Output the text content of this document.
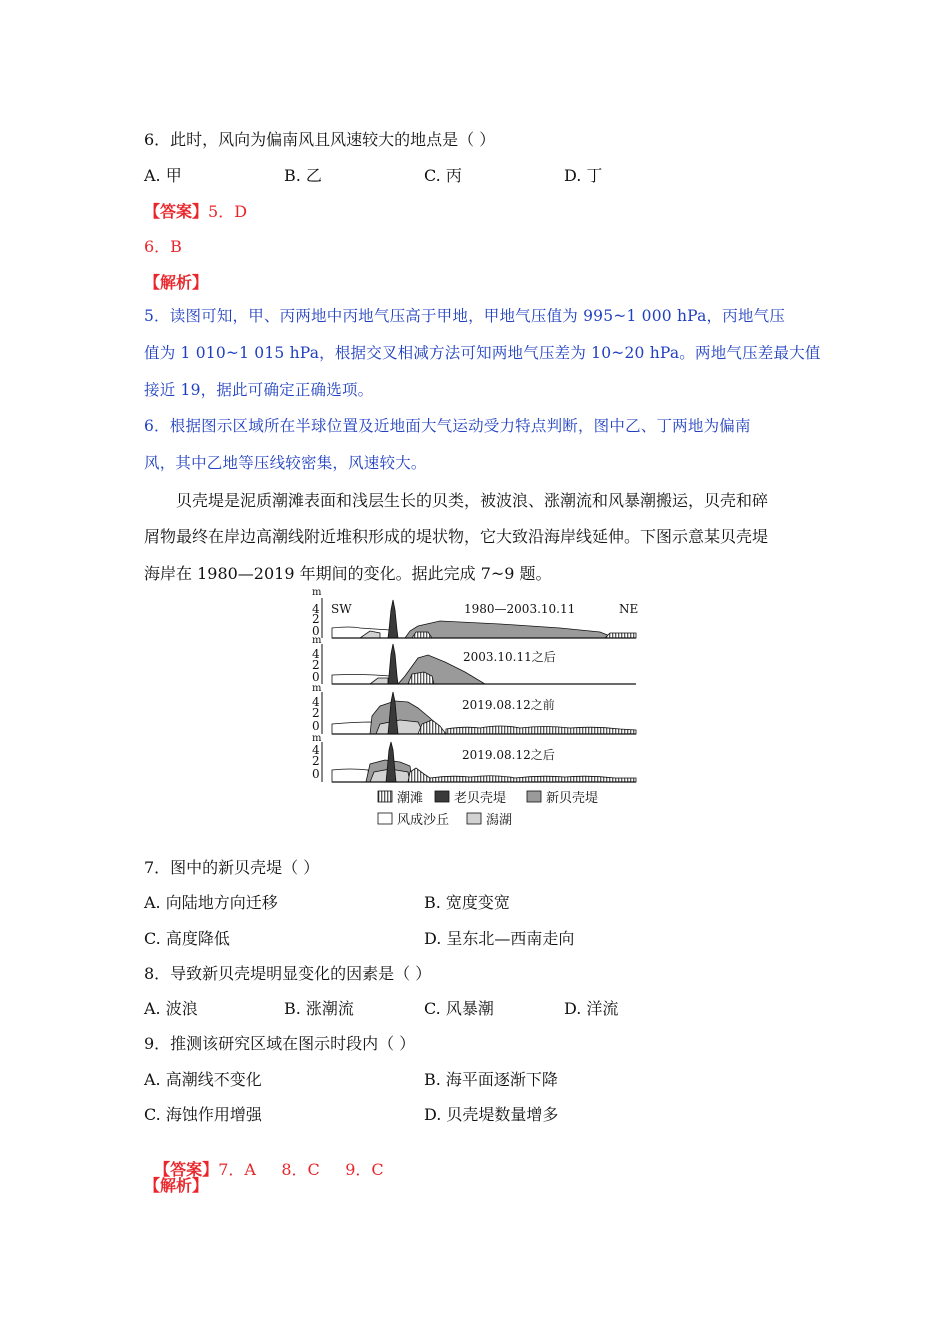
6．此时，风向为偏南风且风速较大的地点是（ ）
A. 甲	B. 乙	C. 丙	D. 丁
【答案】5．D
6．B
【解析】
5．读图可知，甲、丙两地中丙地气压高于甲地，甲地气压值为 995~1 000 hPa，丙地气压
值为 1 010~1 015 hPa，根据交叉相减方法可知两地气压差为 10~20 hPa。两地气压差最大值
接近 19，据此可确定正确选项。
6．根据图示区域所在半球位置及近地面大气运动受力特点判断，图中乙、丁两地为偏南
风，其中乙地等压线较密集，风速较大。
贝壳堤是泥质潮滩表面和浅层生长的贝类，被波浪、涨潮流和风暴潮搬运，贝壳和碎
屑物最终在岸边高潮线附近堆积形成的堤状物，它大致沿海岸线延伸。下图示意某贝壳堤
海岸在 1980—2019 年期间的变化。据此完成 7~9 题。
m
4
2
0
SW	NE
1980—2003.10.11
m
4
2
0
2003.10.11之后
m
4
2
0
2019.08.12之前
m
4
2
0
2019.08.12之后
潮滩 老贝壳堤	新贝壳堤
风成沙丘	潟湖
7．图中的新贝壳堤（ ）
A. 向陆地方向迁移	B. 宽度变宽
C. 高度降低	D. 呈东北—西南走向
8．导致新贝壳堤明显变化的因素是（ ）
A. 波浪	B. 涨潮流	C. 风暴潮	D. 洋流
9．推测该研究区域在图示时段内（ ）
A. 高潮线不变化	B. 海平面逐渐下降
C. 海蚀作用增强	D. 贝壳堤数量增多

【答案】7．A     8．C     9．C

【解析】
